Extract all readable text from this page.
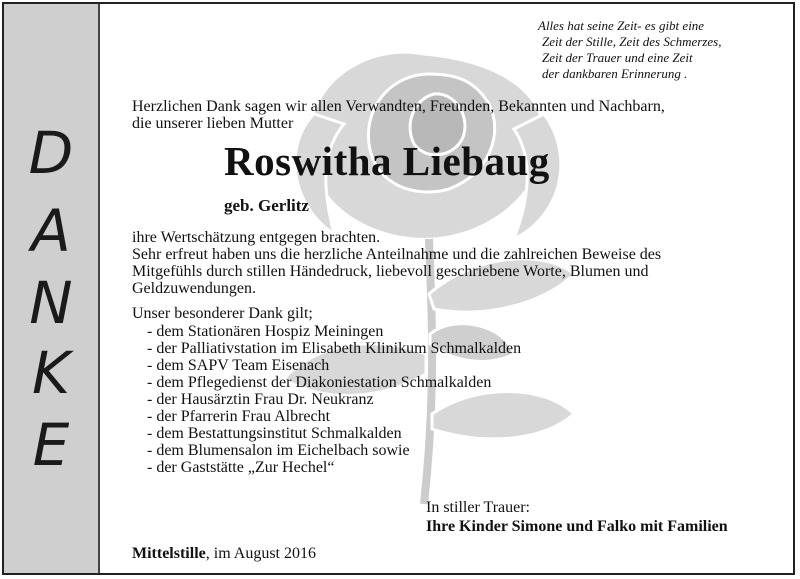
D
A
N
K
E
Alles hat seine Zeit- es gibt eine
Zeit der Stille, Zeit des Schmerzes,
Zeit der Trauer und eine Zeit
der dankbaren Erinnerung .
Herzlichen Dank sagen wir allen Verwandten, Freunden, Bekannten und Nachbarn,
die unserer lieben Mutter
Roswitha Liebaug
geb. Gerlitz
ihre Wertschätzung entgegen brachten.
Sehr erfreut haben uns die herzliche Anteilnahme und die zahlreichen Beweise des
Mitgefühls durch stillen Händedruck, liebevoll geschriebene Worte, Blumen und
Geldzuwendungen.
Unser besonderer Dank gilt;
- dem Stationären Hospiz Meiningen
- der Palliativstation im Elisabeth Klinikum Schmalkalden
- dem SAPV Team Eisenach
- dem Pflegedienst der Diakoniestation Schmalkalden
- der Hausärztin Frau Dr. Neukranz
- der Pfarrerin Frau Albrecht
- dem Bestattungsinstitut Schmalkalden
- dem Blumensalon im Eichelbach sowie
- der Gaststätte „Zur Hechel“
In stiller Trauer:
Ihre Kinder Simone und Falko mit Familien
Mittelstille, im August 2016
